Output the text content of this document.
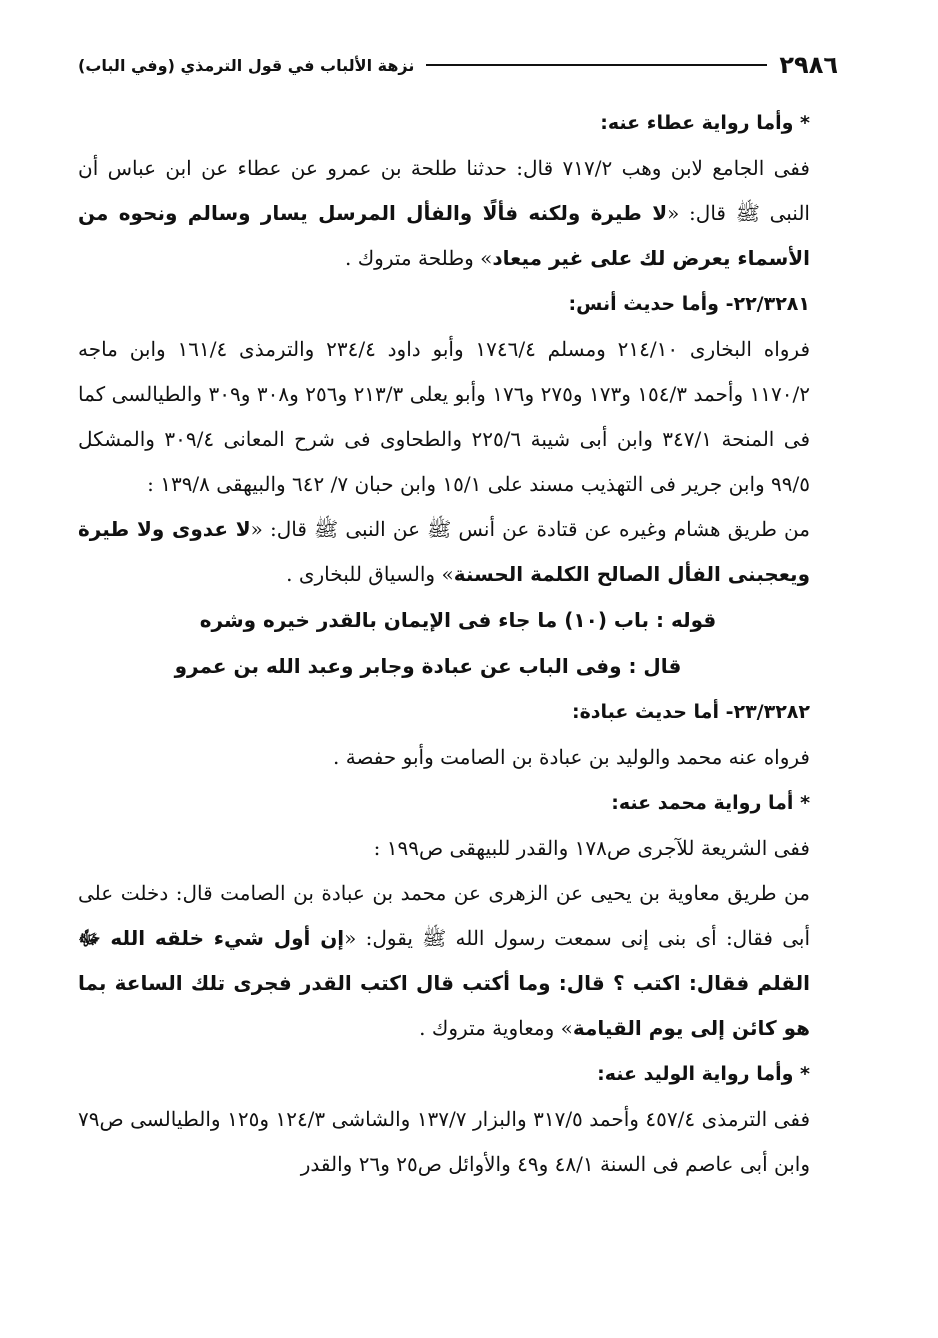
٢٩٨٦
نزهة الألباب في قول الترمذي (وفي الباب)

* وأما رواية عطاء عنه:

ففى الجامع لابن وهب ٧١٧/٢ قال: حدثنا طلحة بن عمرو عن عطاء عن ابن عباس أن النبى ﷺ قال: «لا طيرة ولكنه فألًا والفأل المرسل يسار وسالم ونحوه من الأسماء يعرض لك على غير ميعاد» وطلحة متروك .

٢٢/٣٢٨١- وأما حديث أنس:

فرواه البخارى ٢١٤/١٠ ومسلم ١٧٤٦/٤ وأبو داود ٢٣٤/٤ والترمذى ١٦١/٤ وابن ماجه ١١٧٠/٢ وأحمد ١٥٤/٣ و١٧٣ و٢٧٥ و١٧٦ وأبو يعلى ٢١٣/٣ و٢٥٦ و٣٠٨ و٣٠٩ والطيالسى كما فى المنحة ٣٤٧/١ وابن أبى شيبة ٢٢٥/٦ والطحاوى فى شرح المعانى ٣٠٩/٤ والمشكل ٩٩/٥ وابن جرير فى التهذيب مسند على ١٥/١ وابن حبان ٧/ ٦٤٢ والبيهقى ١٣٩/٨ :

من طريق هشام وغيره عن قتادة عن أنس ﷺ عن النبى ﷺ قال: «لا عدوى ولا طيرة ويعجبنى الفأل الصالح الكلمة الحسنة» والسياق للبخارى .

قوله : باب (١٠) ما جاء فى الإيمان بالقدر خيره وشره

قال : وفى الباب عن عبادة وجابر وعبد الله بن عمرو

٢٣/٣٢٨٢- أما حديث عبادة:

فرواه عنه محمد والوليد بن عبادة بن الصامت وأبو حفصة .

* أما رواية محمد عنه:

ففى الشريعة للآجرى ص١٧٨ والقدر للبيهقى ص١٩٩ :

من طريق معاوية بن يحيى عن الزهرى عن محمد بن عبادة بن الصامت قال: دخلت على أبى فقال: أى بنى إنى سمعت رسول الله ﷺ يقول: «إن أول شيء خلقه الله ﷻ القلم فقال: اكتب ؟ قال: وما أكتب قال اكتب القدر فجرى تلك الساعة بما هو كائن إلى يوم القيامة» ومعاوية متروك .

* وأما رواية الوليد عنه:

ففى الترمذى ٤٥٧/٤ وأحمد ٣١٧/٥ والبزار ١٣٧/٧ والشاشى ١٢٤/٣ و١٢٥ والطيالسى ص٧٩ وابن أبى عاصم فى السنة ٤٨/١ و٤٩ والأوائل ص٢٥ و٢٦ والقدر
